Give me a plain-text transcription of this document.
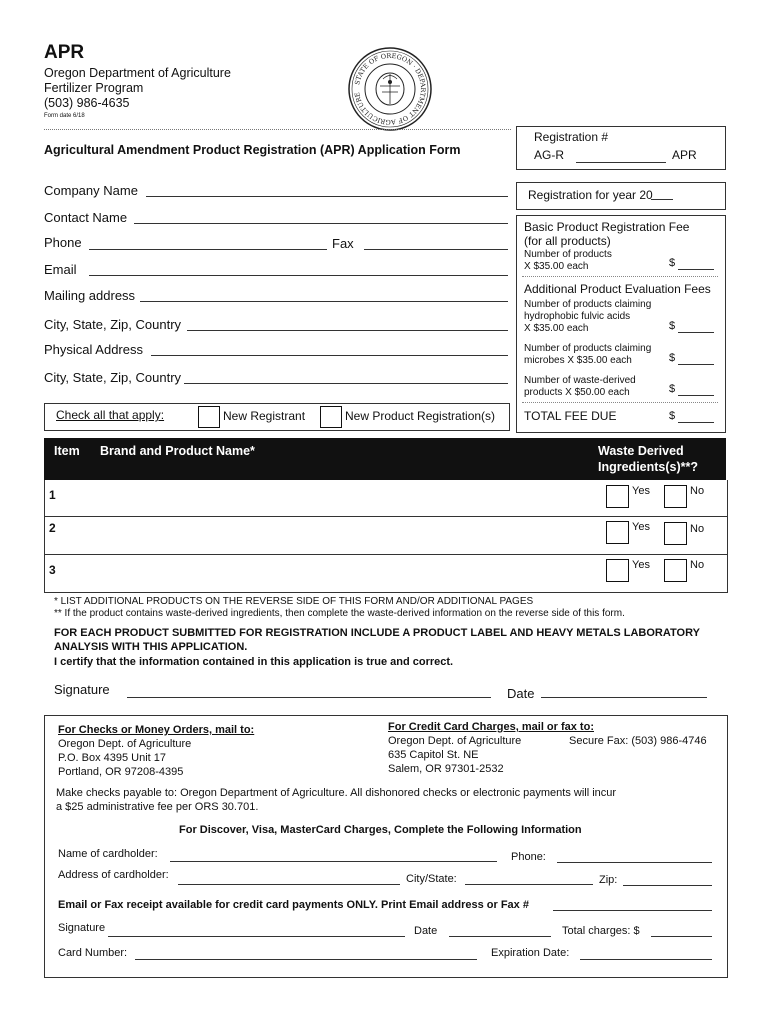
APR
Oregon Department of Agriculture
Fertilizer Program
(503) 986-4635
Form date 6/18
STATE OF OREGON · DEPARTMENT OF AGRICULTURE
Agricultural Amendment Product Registration (APR) Application Form
Registration #
AG-R	APR
Registration for year 20
Company Name
Contact Name
Phone	Fax
Email
Mailing address
City, State, Zip, Country
Physical Address
City, State, Zip, Country
Check all that apply:	New Registrant	New Product Registration(s)
Basic Product Registration Fee
(for all products)
Number of products
X $35.00 each	$
Additional Product Evaluation Fees
Number of products claiming
hydrophobic fulvic acids
X $35.00 each	$
Number of products claiming
microbes X $35.00 each	$
Number of waste-derived
products X $50.00 each	$
TOTAL FEE DUE	$
Item Brand and Product Name*	Waste Derived
Ingredients(s)**?
1	Yes	No
2	Yes	No
3	Yes	No
* LIST ADDITIONAL PRODUCTS ON THE REVERSE SIDE OF THIS FORM AND/OR ADDITIONAL PAGES
** If the product contains waste-derived ingredients, then complete the waste-derived information on the reverse side of this form.
FOR EACH PRODUCT SUBMITTED FOR REGISTRATION INCLUDE A PRODUCT LABEL AND HEAVY METALS LABORATORY
ANALYSIS WITH THIS APPLICATION.
I certify that the information contained in this application is true and correct.
Signature	Date
For Checks or Money Orders, mail to:
Oregon Dept. of Agriculture
P.O. Box 4395 Unit 17
Portland, OR 97208-4395
For Credit Card Charges, mail or fax to:
Oregon Dept. of Agriculture	Secure Fax: (503) 986-4746
635 Capitol St. NE
Salem, OR 97301-2532
Make checks payable to: Oregon Department of Agriculture. All dishonored checks or electronic payments will incur
a $25 administrative fee per ORS 30.701.
For Discover, Visa, MasterCard Charges, Complete the Following Information
Name of cardholder:	Phone:
Address of cardholder:	City/State:	Zip:
Email or Fax receipt available for credit card payments ONLY. Print Email address or Fax #
Signature	Date	Total charges: $
Card Number:	Expiration Date:
